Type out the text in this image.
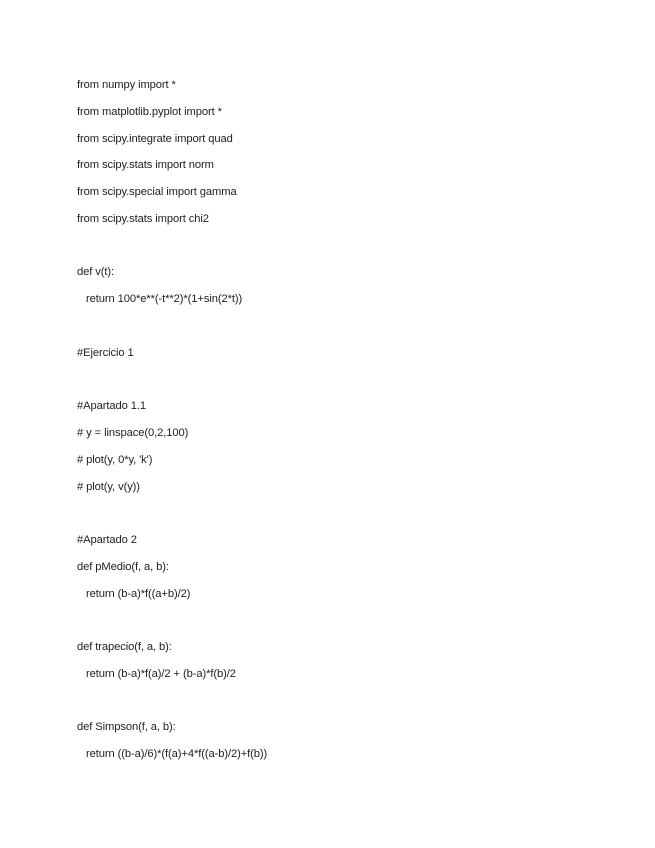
from numpy import *
from matplotlib.pyplot import *
from scipy.integrate import quad
from scipy.stats import norm
from scipy.special import gamma
from scipy.stats import chi2
def v(t):
return 100*e**(-t**2)*(1+sin(2*t))
#Ejercicio 1
#Apartado 1.1
# y = linspace(0,2,100)
# plot(y, 0*y, 'k')
# plot(y, v(y))
#Apartado 2
def pMedio(f, a, b):
return (b-a)*f((a+b)/2)
def trapecio(f, a, b):
return (b-a)*f(a)/2 + (b-a)*f(b)/2
def Simpson(f, a, b):
return ((b-a)/6)*(f(a)+4*f((a-b)/2)+f(b))
